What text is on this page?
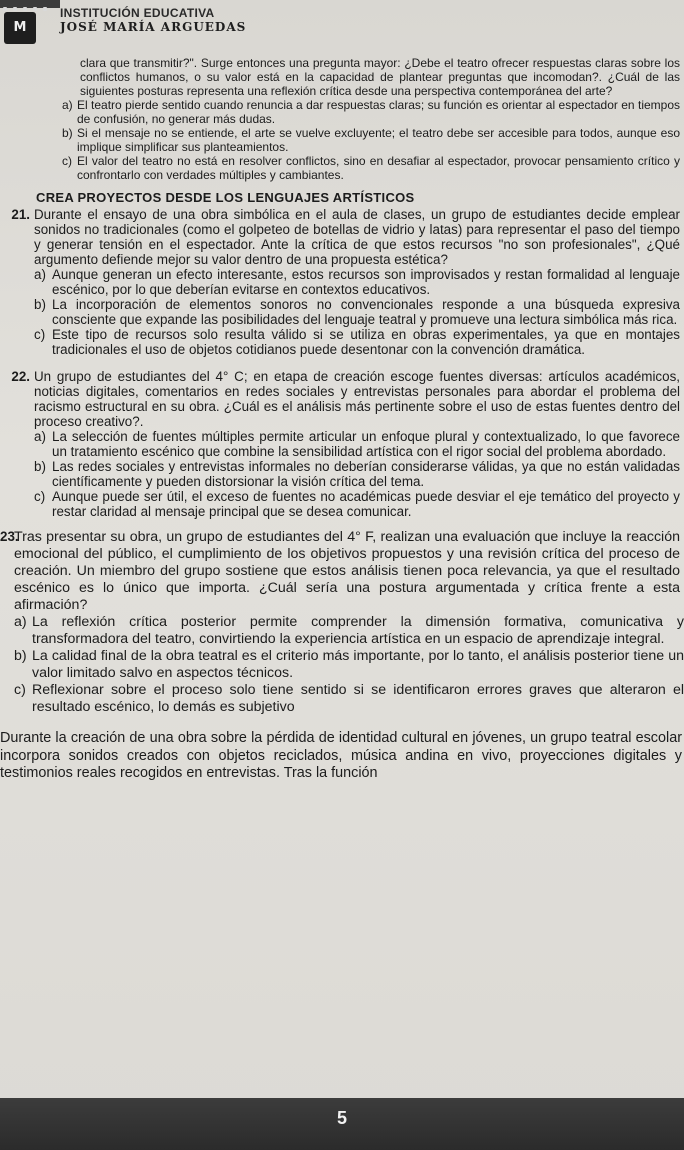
M
INSTITUCIÓN EDUCATIVA
JOSÉ MARÍA ARGUEDAS

clara que transmitir?". Surge entonces una pregunta mayor: ¿Debe el teatro ofrecer respuestas claras sobre los conflictos humanos, o su valor está en la capacidad de plantear preguntas que incomodan?. ¿Cuál de las siguientes posturas representa una reflexión crítica desde una perspectiva contemporánea del arte?

a) El teatro pierde sentido cuando renuncia a dar respuestas claras; su función es orientar al espectador en tiempos de confusión, no generar más dudas.
b) Si el mensaje no se entiende, el arte se vuelve excluyente; el teatro debe ser accesible para todos, aunque eso implique simplificar sus planteamientos.
c) El valor del teatro no está en resolver conflictos, sino en desafiar al espectador, provocar pensamiento crítico y confrontarlo con verdades múltiples y cambiantes.
CREA PROYECTOS DESDE LOS LENGUAJES ARTÍSTICOS
21. Durante el ensayo de una obra simbólica en el aula de clases, un grupo de estudiantes decide emplear sonidos no tradicionales (como el golpeteo de botellas de vidrio y latas) para representar el paso del tiempo y generar tensión en el espectador. Ante la crítica de que estos recursos "no son profesionales", ¿Qué argumento defiende mejor su valor dentro de una propuesta estética?
a) Aunque generan un efecto interesante, estos recursos son improvisados y restan formalidad al lenguaje escénico, por lo que deberían evitarse en contextos educativos.
b) La incorporación de elementos sonoros no convencionales responde a una búsqueda expresiva consciente que expande las posibilidades del lenguaje teatral y promueve una lectura simbólica más rica.
c) Este tipo de recursos solo resulta válido si se utiliza en obras experimentales, ya que en montajes tradicionales el uso de objetos cotidianos puede desentonar con la convención dramática.
22. Un grupo de estudiantes del 4° C; en etapa de creación escoge fuentes diversas: artículos académicos, noticias digitales, comentarios en redes sociales y entrevistas personales para abordar el problema del racismo estructural en su obra. ¿Cuál es el análisis más pertinente sobre el uso de estas fuentes dentro del proceso creativo?.
a) La selección de fuentes múltiples permite articular un enfoque plural y contextualizado, lo que favorece un tratamiento escénico que combine la sensibilidad artística con el rigor social del problema abordado.
b) Las redes sociales y entrevistas informales no deberían considerarse válidas, ya que no están validadas científicamente y pueden distorsionar la visión crítica del tema.
c) Aunque puede ser útil, el exceso de fuentes no académicas puede desviar el eje temático del proyecto y restar claridad al mensaje principal que se desea comunicar.
23.
Tras presentar su obra, un grupo de estudiantes del 4° F, realizan una evaluación que incluye la reacción emocional del público, el cumplimiento de los objetivos propuestos y una revisión crítica del proceso de creación. Un miembro del grupo sostiene que estos análisis tienen poca relevancia, ya que el resultado escénico es lo único que importa. ¿Cuál sería una postura argumentada y crítica frente a esta afirmación?
a) La reflexión crítica posterior permite comprender la dimensión formativa, comunicativa y transformadora del teatro, convirtiendo la experiencia artística en un espacio de aprendizaje integral.
b) La calidad final de la obra teatral es el criterio más importante, por lo tanto, el análisis posterior tiene un valor limitado salvo en aspectos técnicos.
c) Reflexionar sobre el proceso solo tiene sentido si se identificaron errores graves que alteraron el resultado escénico, lo demás es subjetivo

Durante la creación de una obra sobre la pérdida de identidad cultural en jóvenes, un grupo teatral escolar incorpora sonidos creados con objetos reciclados, música andina en vivo, proyecciones digitales y testimonios reales recogidos en entrevistas. Tras la función

5
